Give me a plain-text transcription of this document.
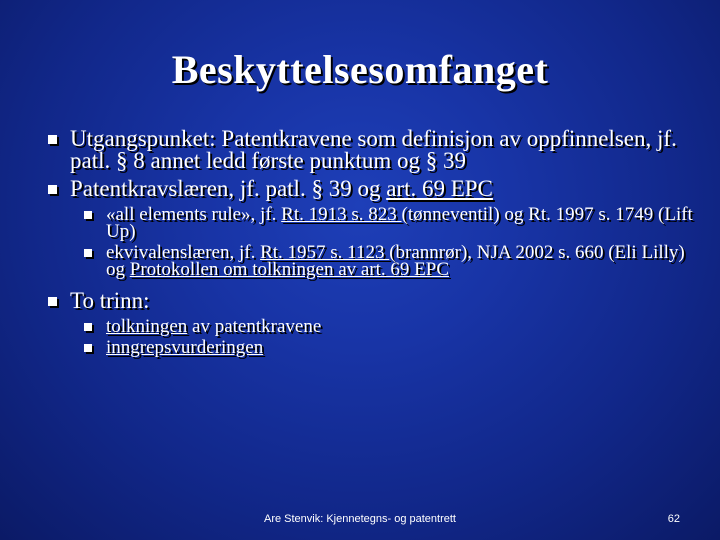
Beskyttelsesomfanget
Utgangspunket: Patentkravene som definisjon av oppfinnelsen, jf. patl. § 8 annet ledd første punktum og § 39
Patentkravslæren, jf. patl. § 39 og art. 69 EPC
«all elements rule», jf. Rt. 1913 s. 823 (tønneventil) og Rt. 1997 s. 1749 (Lift Up)
ekvivalenslæren, jf. Rt. 1957 s. 1123 (brannrør), NJA 2002 s. 660 (Eli Lilly) og Protokollen om tolkningen av art. 69 EPC
To trinn:
tolkningen av patentkravene
inngrepsvurderingen
Are Stenvik: Kjennetegns- og patentrett	62
